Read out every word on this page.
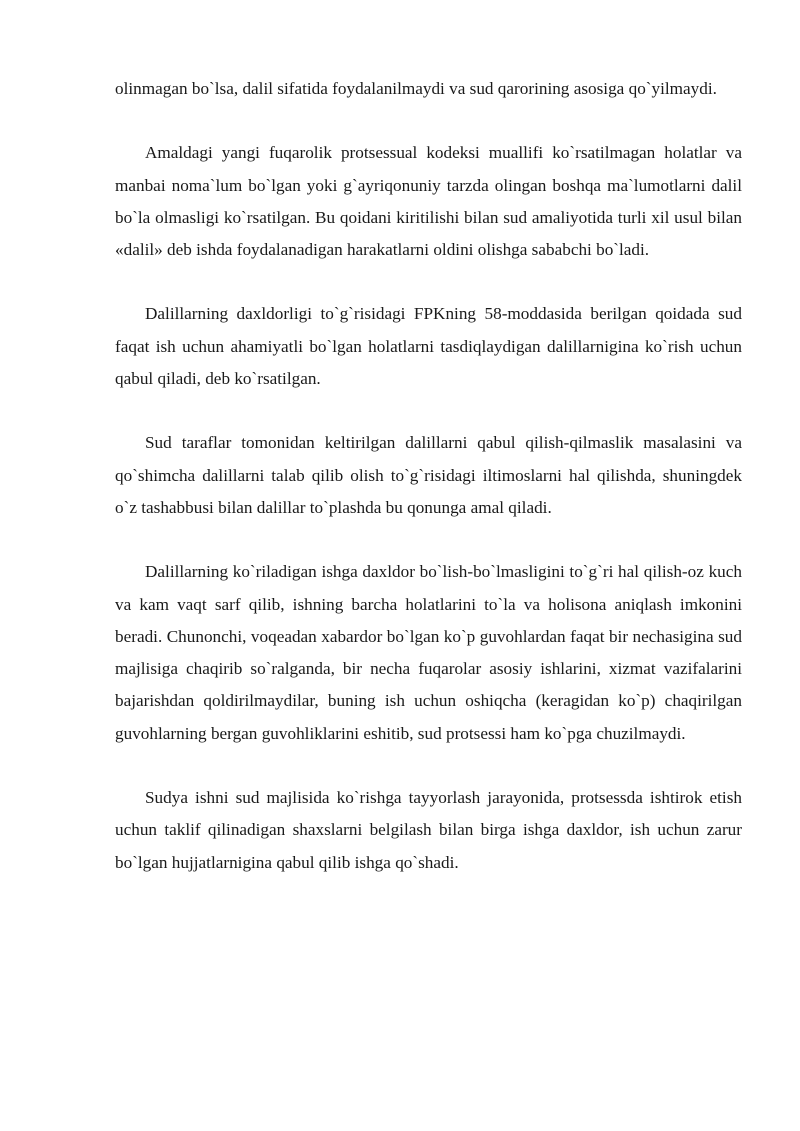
olinmagan bo`lsa, dalil sifatida foydalanilmaydi va sud qarorining asosiga qo`yilmaydi.

Amaldagi yangi fuqarolik protsessual kodeksi muallifi ko`rsatilmagan holatlar va manbai noma`lum bo`lgan yoki g`ayriqonuniy tarzda olingan boshqa ma`lumotlarni dalil bo`la olmasligi ko`rsatilgan. Bu qoidani kiritilishi bilan sud amaliyotida turli xil usul bilan «dalil» deb ishda foydalanadigan harakatlarni oldini olishga sababchi bo`ladi.

Dalillarning daxldorligi to`g`risidagi FPKning 58-moddasida berilgan qoidada sud faqat ish uchun ahamiyatli bo`lgan holatlarni tasdiqlaydigan dalillarnigina ko`rish uchun qabul qiladi, deb ko`rsatilgan.

Sud taraflar tomonidan keltirilgan dalillarni qabul qilish-qilmaslik masalasini va qo`shimcha dalillarni talab qilib olish to`g`risidagi iltimoslarni hal qilishda, shuningdek o`z tashabbusi bilan dalillar to`plashda bu qonunga amal qiladi.

Dalillarning ko`riladigan ishga daxldor bo`lish-bo`lmasligini to`g`ri hal qilish-oz kuch va kam vaqt sarf qilib, ishning barcha holatlarini to`la va holisona aniqlash imkonini beradi. Chunonchi, voqeadan xabardor bo`lgan ko`p guvohlardan faqat bir nechasigina sud majlisiga chaqirib so`ralganda, bir necha fuqarolar asosiy ishlarini, xizmat vazifalarini bajarishdan qoldirilmaydilar, buning ish uchun oshiqcha (keragidan ko`p) chaqirilgan guvohlarning bergan guvohliklarini eshitib, sud protsessi ham ko`pga chuzilmaydi.

Sudya ishni sud majlisida ko`rishga tayyorlash jarayonida, protsessda ishtirok etish uchun taklif qilinadigan shaxslarni belgilash bilan birga ishga daxldor, ish uchun zarur bo`lgan hujjatlarnigina qabul qilib ishga qo`shadi.
